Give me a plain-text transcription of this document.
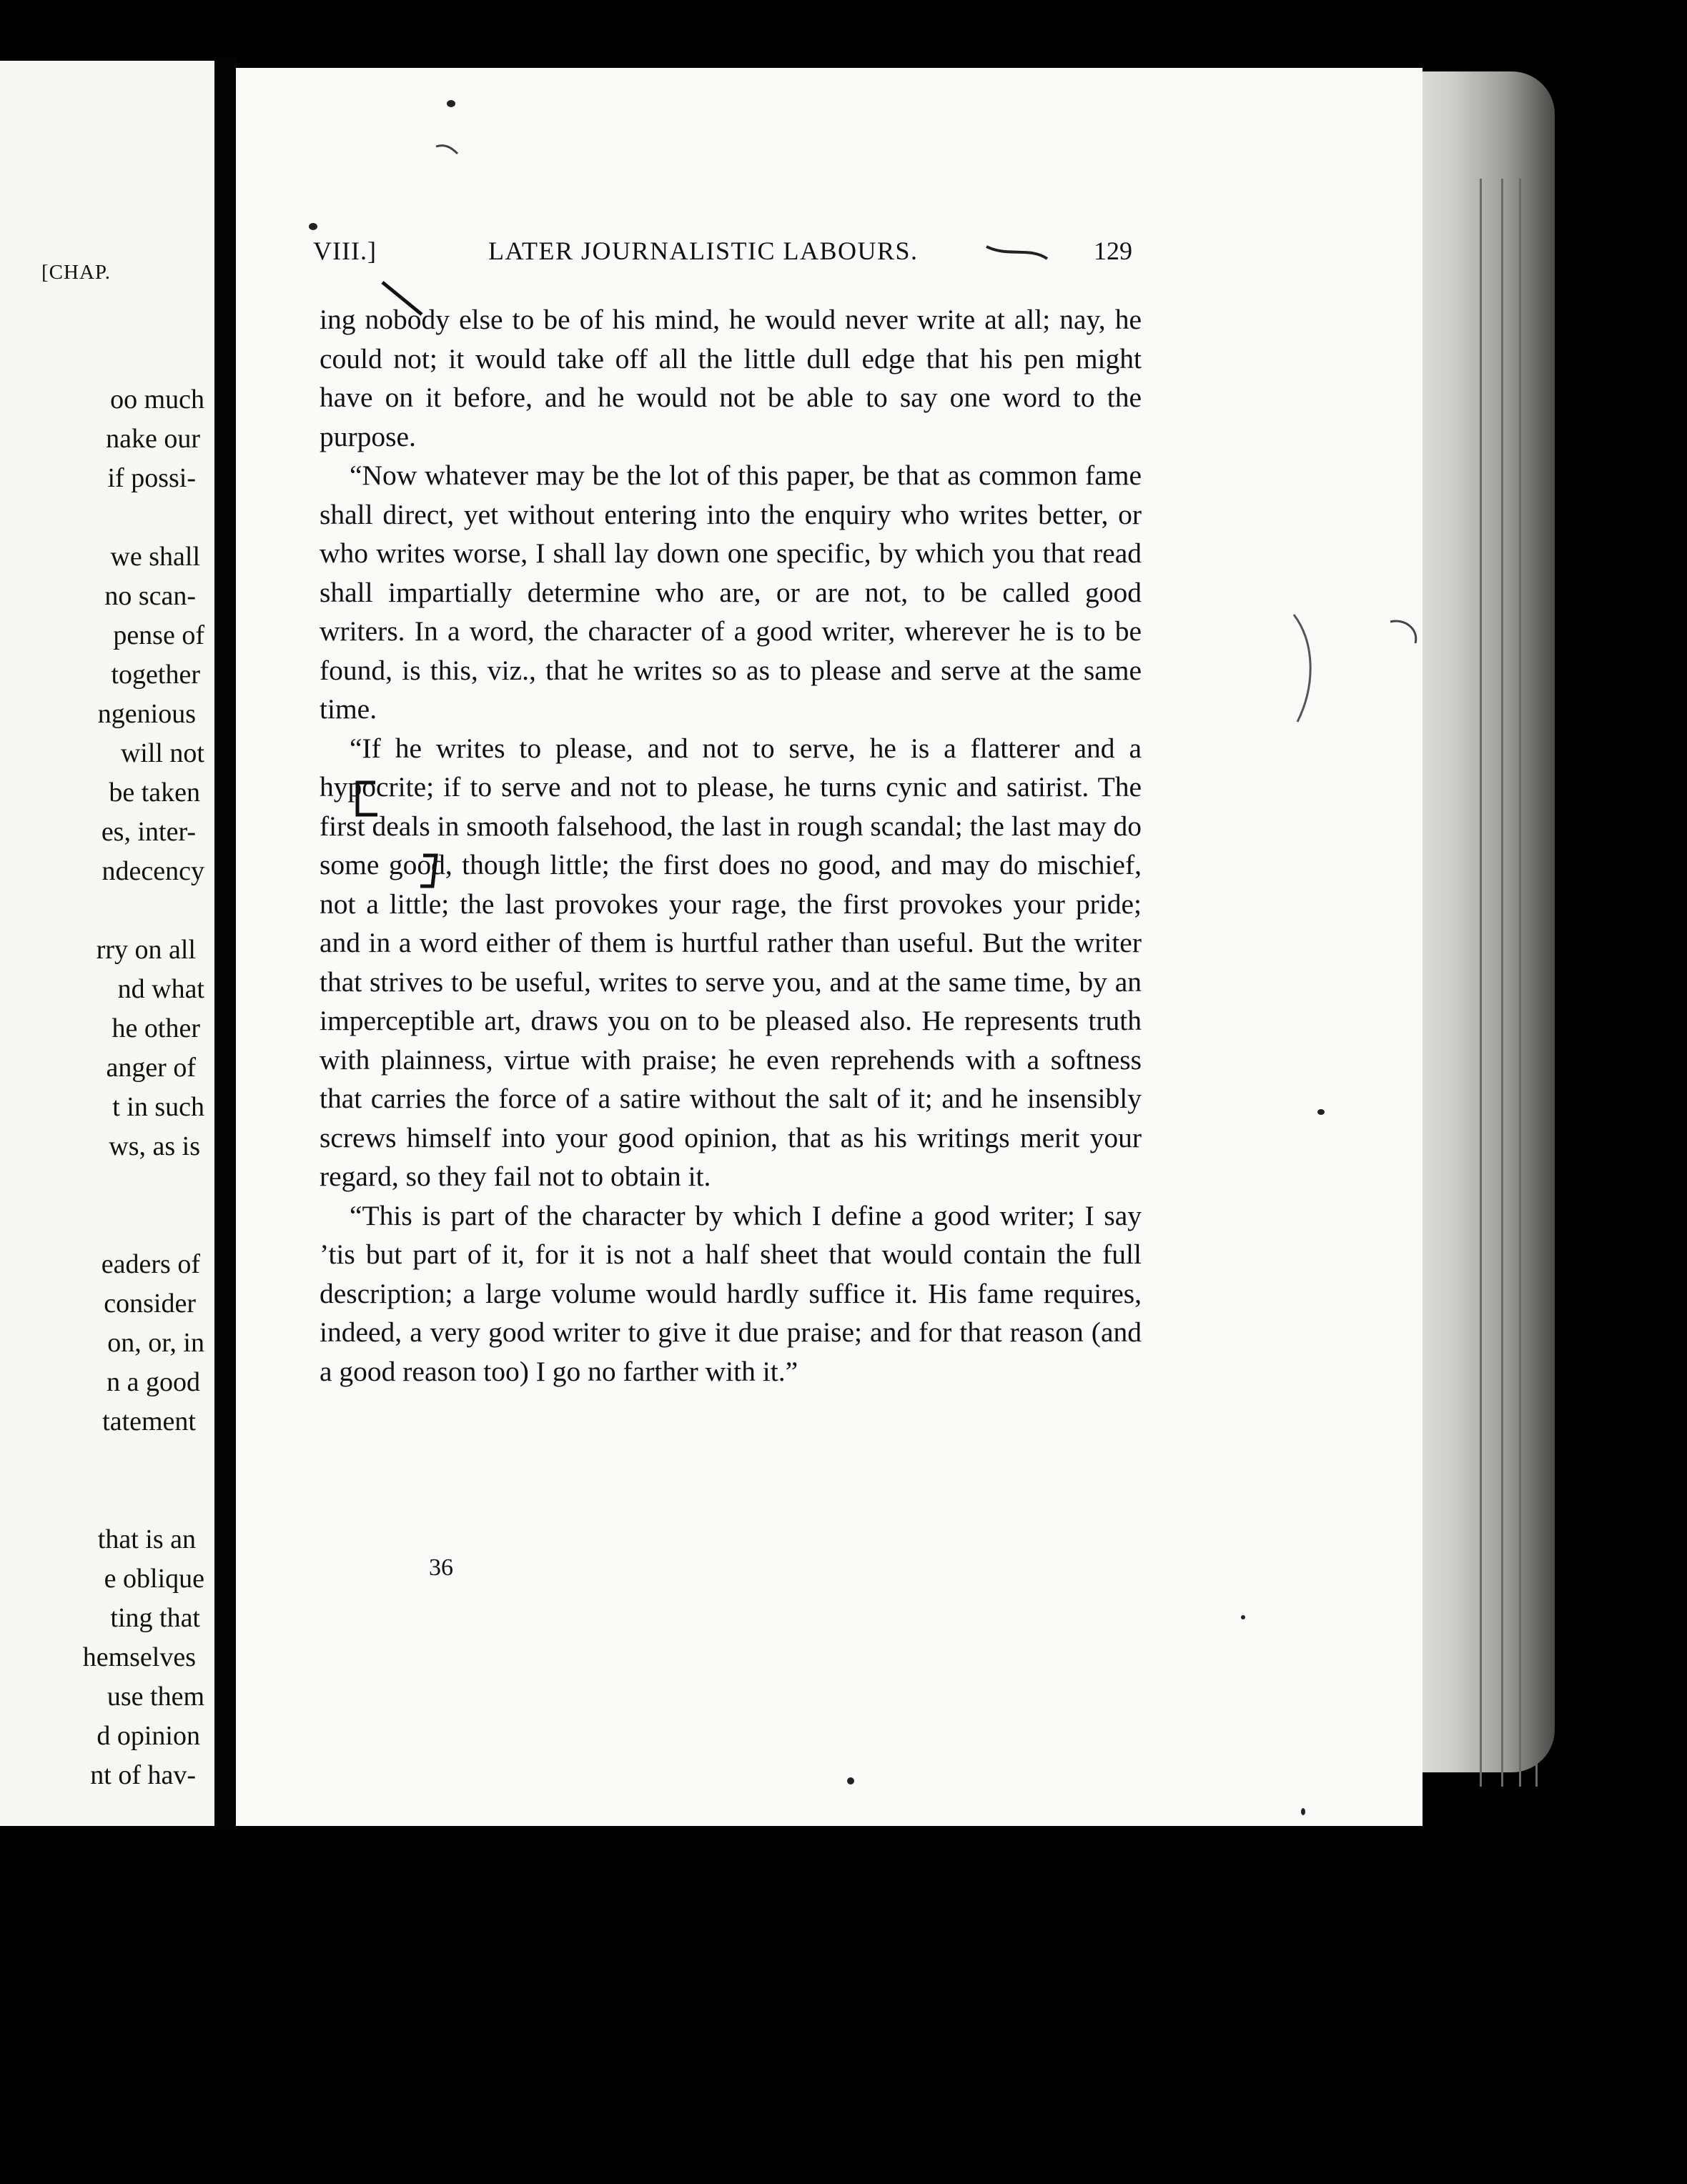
[CHAP.
oo much
nake our
if possi-
we shall
no scan-
pense of
together
ngenious
will not
be taken
es, inter-
ndecency
rry on all
nd what
he other
anger of
t in such
ws, as is
eaders of
consider
on, or, in
n a good
tatement
that is an
e oblique
ting that
hemselves
use them
d opinion
nt of hav-
VIII.]	LATER JOURNALISTIC LABOURS.	129

ing nobody else to be of his mind, he would never write at all; nay, he could not; it would take off all the little dull edge that his pen might have on it before, and he would not be able to say one word to the purpose.

“Now whatever may be the lot of this paper, be that as common fame shall direct, yet without entering into the enquiry who writes better, or who writes worse, I shall lay down one specific, by which you that read shall impartially determine who are, or are not, to be called good writers. In a word, the character of a good writer, wherever he is to be found, is this, viz., that he writes so as to please and serve at the same time.

“If he writes to please, and not to serve, he is a flatterer and a hypocrite; if to serve and not to please, he turns cynic and satirist. The first deals in smooth falsehood, the last in rough scandal; the last may do some good, though little; the first does no good, and may do mischief, not a little; the last provokes your rage, the first provokes your pride; and in a word either of them is hurtful rather than useful. But the writer that strives to be useful, writes to serve you, and at the same time, by an imperceptible art, draws you on to be pleased also. He represents truth with plainness, virtue with praise; he even reprehends with a softness that carries the force of a satire without the salt of it; and he insensibly screws himself into your good opinion, that as his writings merit your regard, so they fail not to obtain it.

“This is part of the character by which I define a good writer; I say ’tis but part of it, for it is not a half sheet that would contain the full description; a large volume would hardly suffice it. His fame requires, indeed, a very good writer to give it due praise; and for that reason (and a good reason too) I go no farther with it.”

36
